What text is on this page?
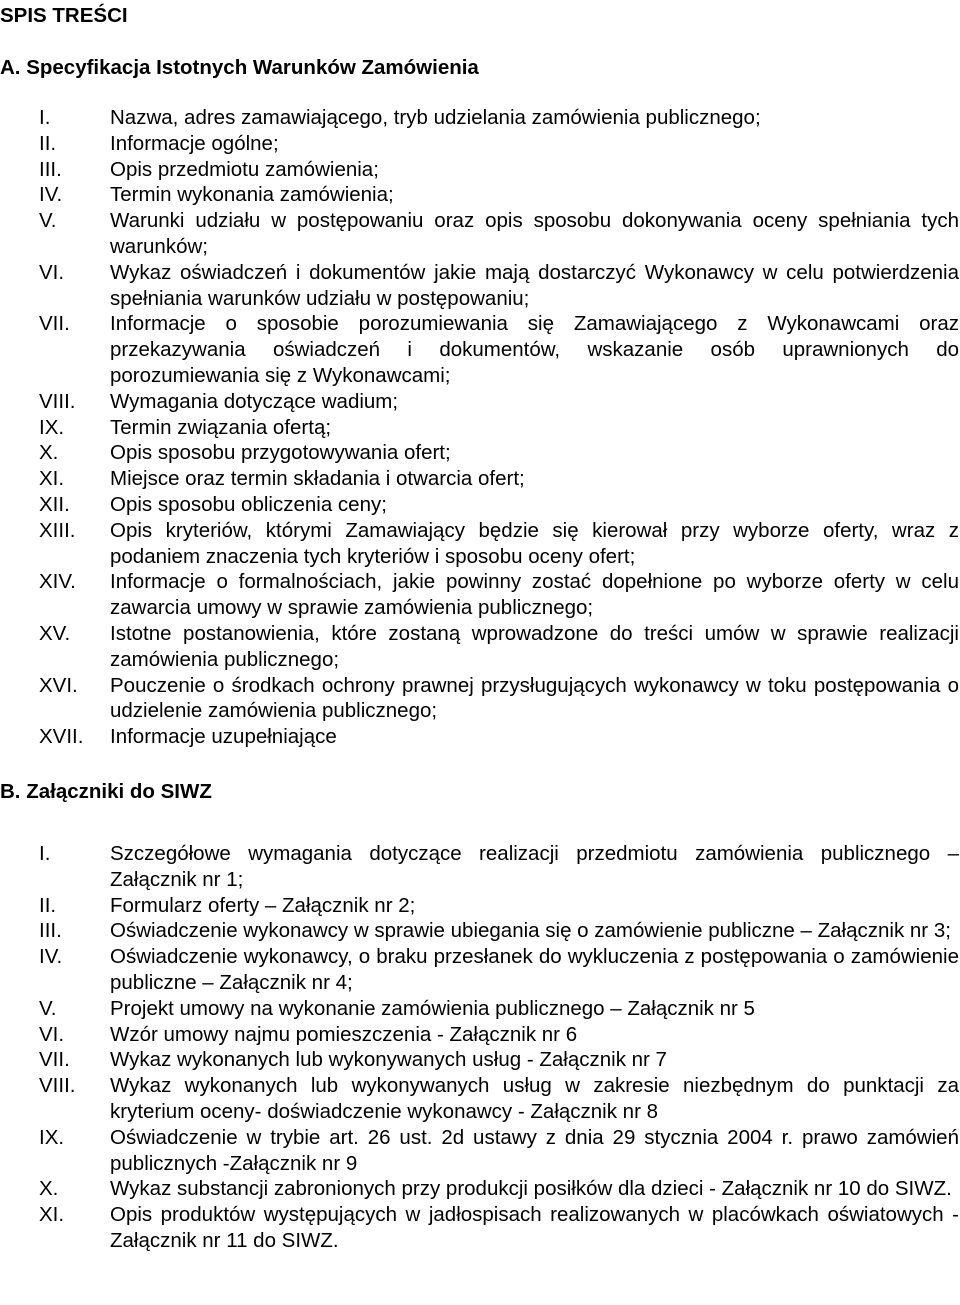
SPIS TREŚCI
A. Specyfikacja Istotnych Warunków Zamówienia
I.	Nazwa, adres zamawiającego, tryb udzielania zamówienia publicznego;
II.	Informacje ogólne;
III.	Opis przedmiotu zamówienia;
IV.	Termin wykonania zamówienia;
V.	Warunki udziału w postępowaniu oraz opis sposobu dokonywania oceny spełniania tych warunków;
VI.	Wykaz oświadczeń i dokumentów jakie mają dostarczyć Wykonawcy w celu potwierdzenia spełniania warunków udziału w postępowaniu;
VII.	Informacje o sposobie porozumiewania się Zamawiającego z Wykonawcami oraz przekazywania oświadczeń i dokumentów, wskazanie osób uprawnionych do porozumiewania się z Wykonawcami;
VIII.	Wymagania dotyczące wadium;
IX.	Termin związania ofertą;
X.	Opis sposobu przygotowywania ofert;
XI.	Miejsce oraz termin składania i otwarcia ofert;
XII.	Opis sposobu obliczenia ceny;
XIII.	Opis kryteriów, którymi Zamawiający będzie się kierował przy wyborze oferty, wraz z podaniem znaczenia tych kryteriów i sposobu oceny ofert;
XIV.	Informacje o formalnościach, jakie powinny zostać dopełnione po wyborze oferty w celu zawarcia umowy w sprawie zamówienia publicznego;
XV.	Istotne postanowienia, które zostaną wprowadzone do treści umów w sprawie realizacji zamówienia publicznego;
XVI.	Pouczenie o środkach ochrony prawnej przysługujących wykonawcy w toku postępowania o udzielenie zamówienia publicznego;
XVII.	Informacje uzupełniające
B. Załączniki do SIWZ
I.	Szczegółowe wymagania dotyczące realizacji przedmiotu zamówienia publicznego – Załącznik nr 1;
II.	Formularz oferty – Załącznik nr 2;
III.	Oświadczenie wykonawcy w sprawie ubiegania się o zamówienie publiczne – Załącznik nr 3;
IV.	Oświadczenie wykonawcy, o braku przesłanek do wykluczenia z postępowania o zamówienie publiczne – Załącznik nr 4;
V.	Projekt umowy na wykonanie zamówienia publicznego – Załącznik nr 5
VI.	Wzór umowy najmu pomieszczenia - Załącznik nr 6
VII.	Wykaz wykonanych lub wykonywanych usług - Załącznik nr 7
VIII.	Wykaz wykonanych lub wykonywanych usług w zakresie niezbędnym do punktacji za kryterium oceny- doświadczenie wykonawcy - Załącznik nr 8
IX.	Oświadczenie w trybie art. 26 ust. 2d ustawy z dnia 29 stycznia 2004 r. prawo zamówień publicznych -Załącznik nr 9
X.	Wykaz substancji zabronionych przy produkcji posiłków dla dzieci - Załącznik nr 10 do SIWZ.
XI.	Opis produktów występujących w jadłospisach realizowanych w placówkach oświatowych - Załącznik nr 11 do SIWZ.
